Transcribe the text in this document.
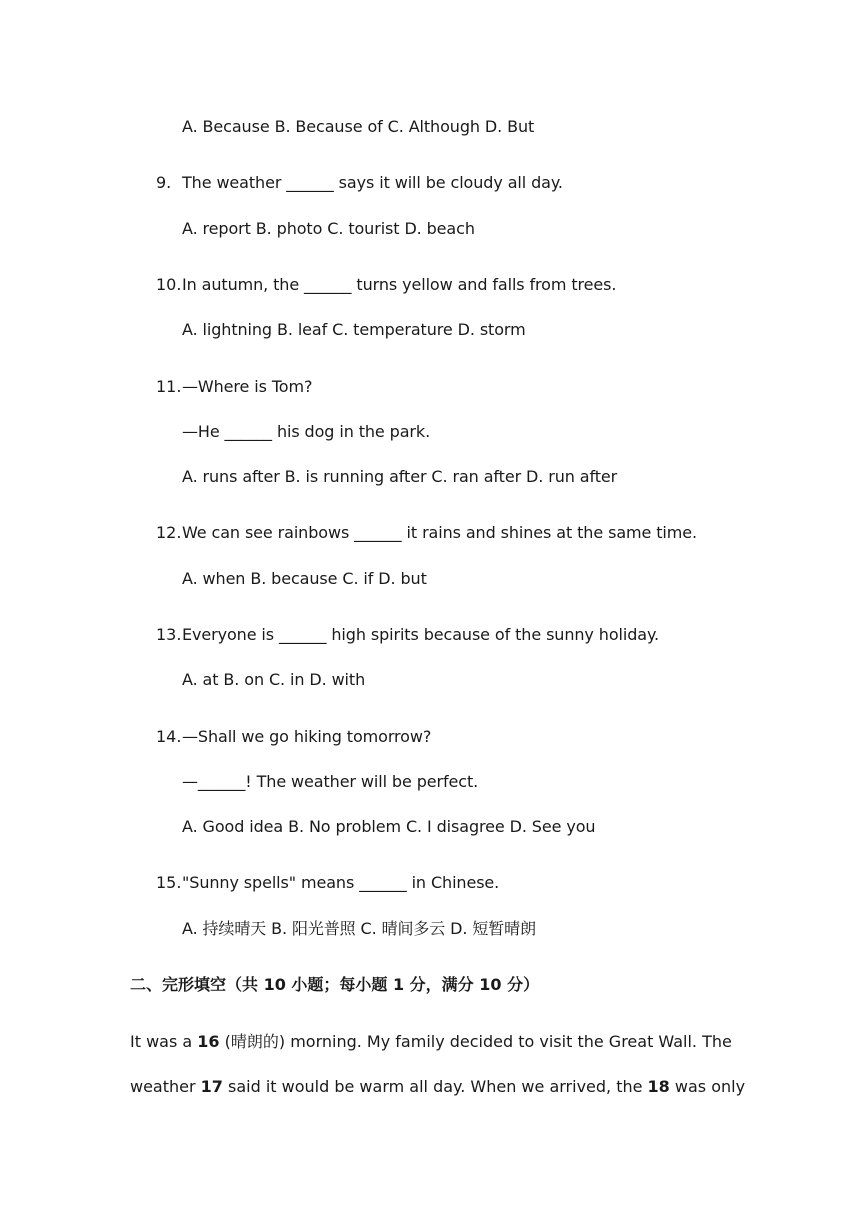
A. Because B. Because of C. Although D. But
9. The weather ______ says it will be cloudy all day.
A. report B. photo C. tourist D. beach
10. In autumn, the ______ turns yellow and falls from trees.
A. lightning B. leaf C. temperature D. storm
11. —Where is Tom?
—He ______ his dog in the park.
A. runs after B. is running after C. ran after D. run after
12. We can see rainbows ______ it rains and shines at the same time.
A. when B. because C. if D. but
13. Everyone is ______ high spirits because of the sunny holiday.
A. at B. on C. in D. with
14. —Shall we go hiking tomorrow?
—______! The weather will be perfect.
A. Good idea B. No problem C. I disagree D. See you
15. "Sunny spells" means ______ in Chinese.
A. 持续晴天 B. 阳光普照 C. 晴间多云 D. 短暂晴朗
二、完形填空（共 10 小题；每小题 1 分，满分 10 分）
It was a 16 (晴朗的) morning. My family decided to visit the Great Wall. The
weather 17 said it would be warm all day. When we arrived, the 18 was only
